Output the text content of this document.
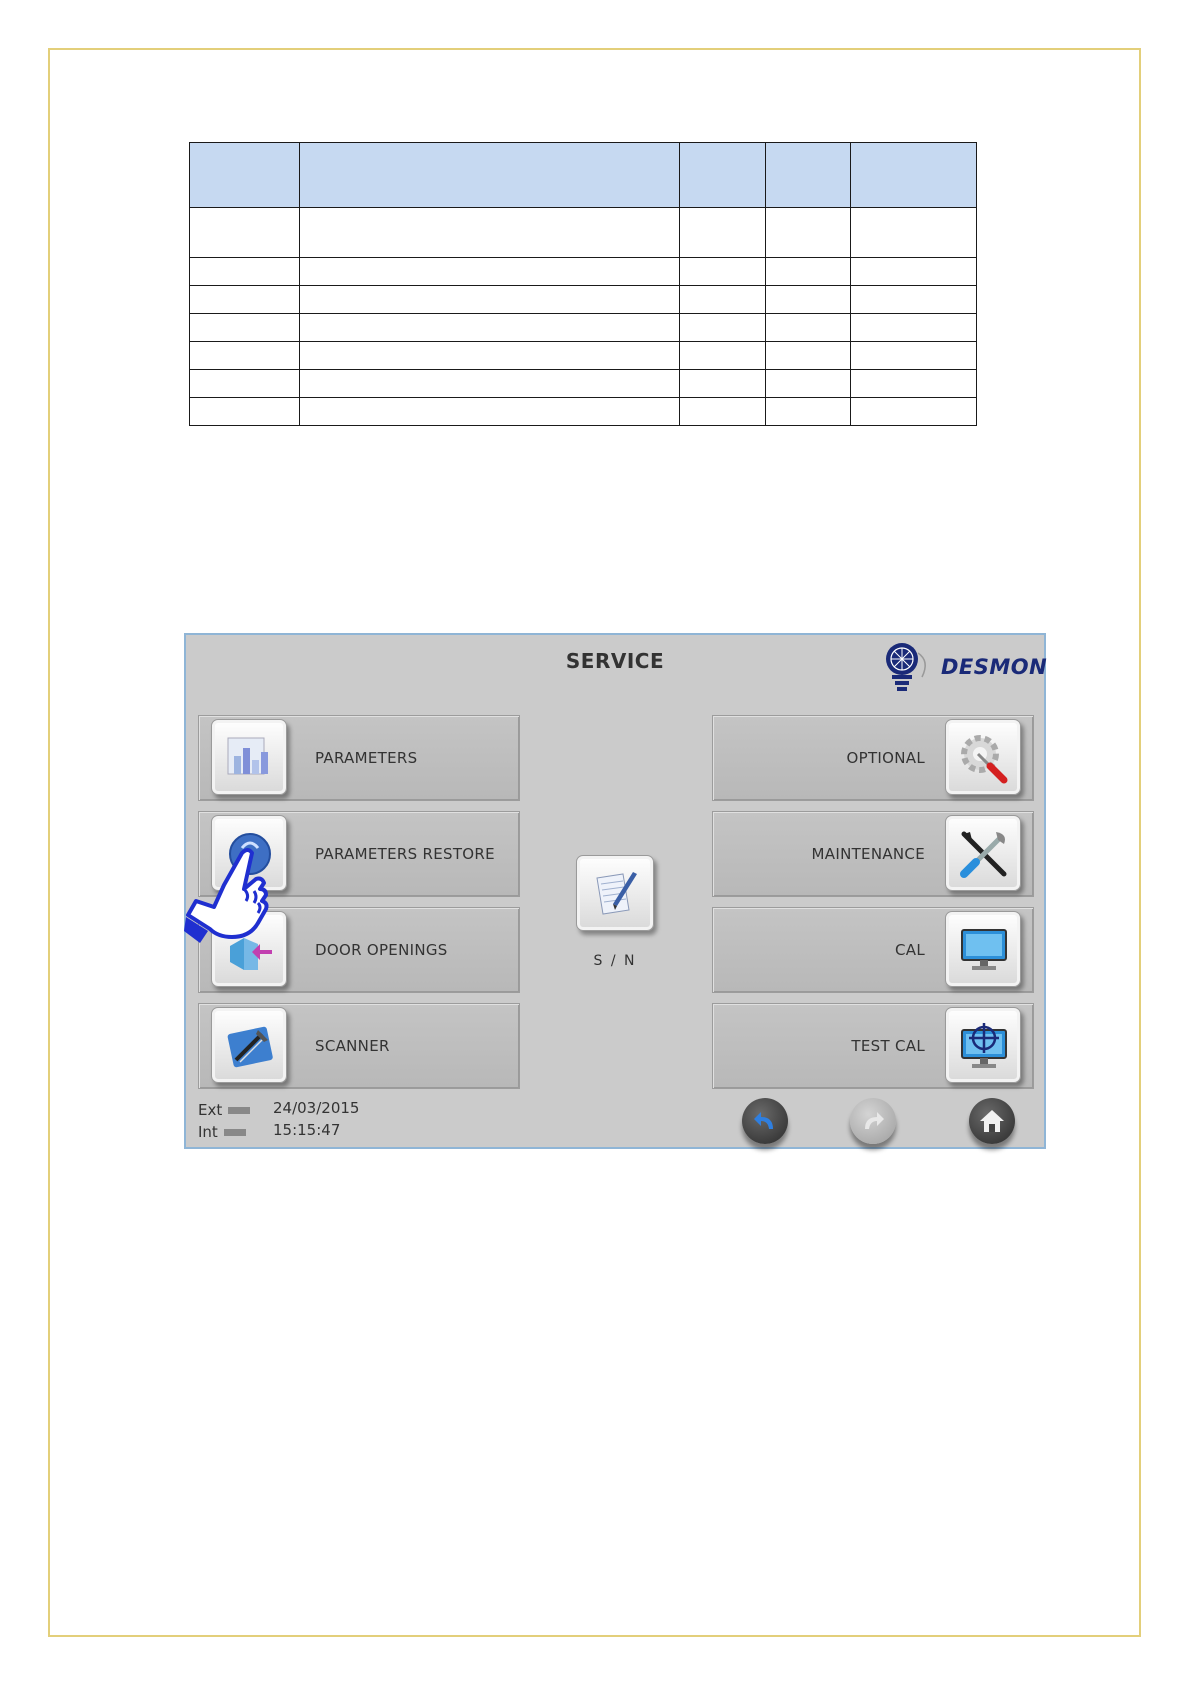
SERVICE	DESMON
PARAMETERS
PARAMETERS RESTORE
DOOR OPENINGS
SCANNER
S / N
OPTIONAL
MAINTENANCE
CAL
TEST CAL
Ext
Int
24/03/2015
15:15:47
